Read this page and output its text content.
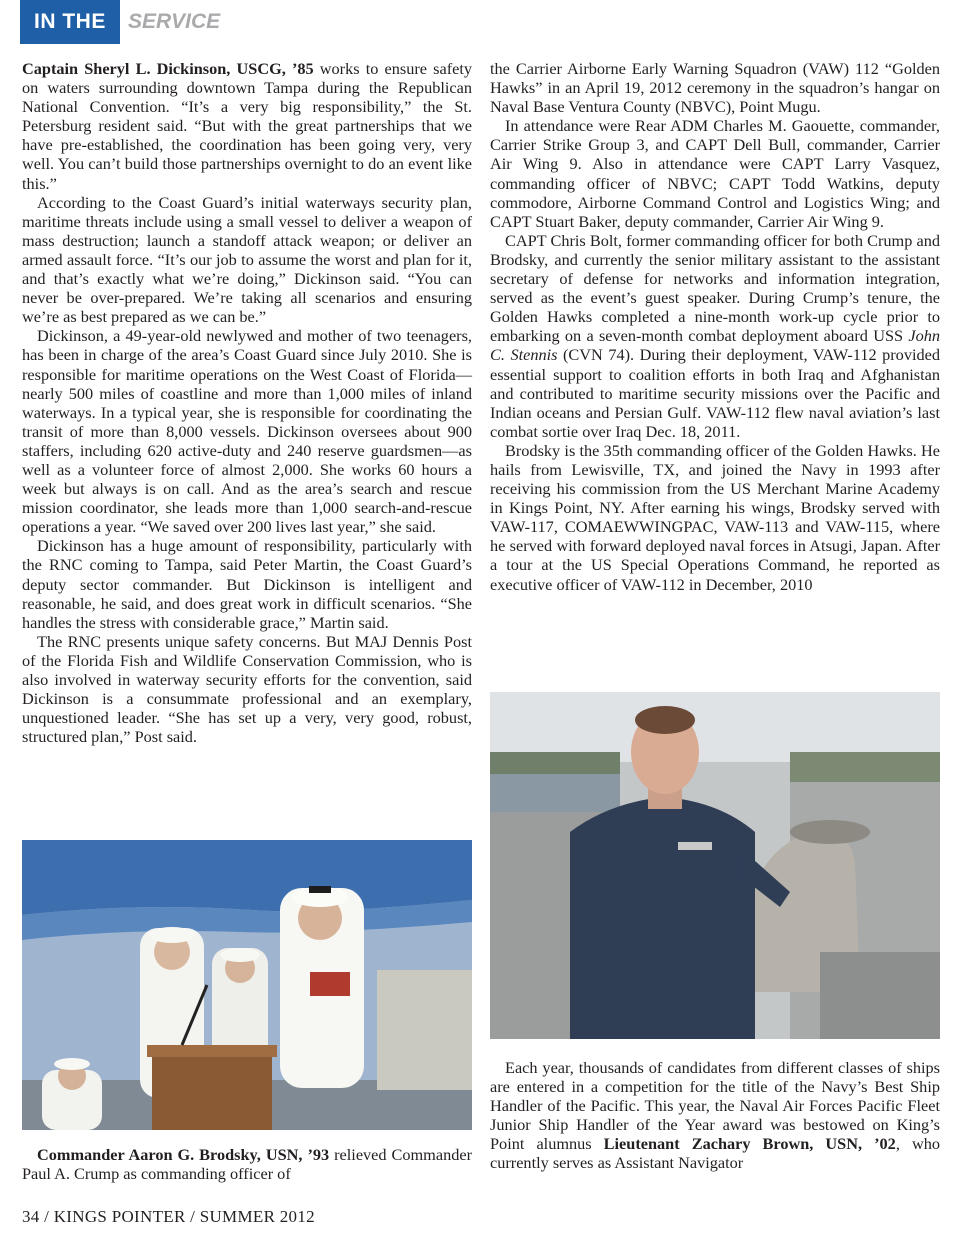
IN THE	SERVICE

Captain Sheryl L. Dickinson, USCG, ’85 works to ensure safety on waters surrounding downtown Tampa during the Republican National Convention. “It’s a very big responsibility,” the St. Petersburg resident said. “But with the great partnerships that we have pre-established, the coordination has been going very, very well. You can’t build those partnerships overnight to do an event like this.”

According to the Coast Guard’s initial waterways security plan, maritime threats include using a small vessel to deliver a weapon of mass destruction; launch a standoff attack weapon; or deliver an armed assault force. “It’s our job to assume the worst and plan for it, and that’s exactly what we’re doing,” Dickinson said. “You can never be over-prepared. We’re taking all scenarios and ensuring we’re as best prepared as we can be.”

Dickinson, a 49-year-old newlywed and mother of two teenagers, has been in charge of the area’s Coast Guard since July 2010. She is responsible for maritime operations on the West Coast of Florida—nearly 500 miles of coastline and more than 1,000 miles of inland waterways. In a typical year, she is responsible for coordinating the transit of more than 8,000 vessels. Dickinson oversees about 900 staffers, including 620 active-duty and 240 reserve guardsmen—as well as a volunteer force of almost 2,000. She works 60 hours a week but always is on call. And as the area’s search and rescue mission coordinator, she leads more than 1,000 search-and-rescue operations a year. “We saved over 200 lives last year,” she said.

Dickinson has a huge amount of responsibility, particularly with the RNC coming to Tampa, said Peter Martin, the Coast Guard’s deputy sector commander. But Dickinson is intelligent and reasonable, he said, and does great work in difficult scenarios. “She handles the stress with considerable grace,” Martin said.

The RNC presents unique safety concerns. But MAJ Dennis Post of the Florida Fish and Wildlife Conservation Commission, who is also involved in waterway security efforts for the convention, said Dickinson is a consummate professional and an exemplary, unquestioned leader. “She has set up a very, very good, robust, structured plan,” Post said.

Commander Aaron G. Brodsky, USN, ’93 relieved Commander Paul A. Crump as commanding officer of

the Carrier Airborne Early Warning Squadron (VAW) 112 “Golden Hawks” in an April 19, 2012 ceremony in the squadron’s hangar on Naval Base Ventura County (NBVC), Point Mugu.

In attendance were Rear ADM Charles M. Gaouette, commander, Carrier Strike Group 3, and CAPT Dell Bull, commander, Carrier Air Wing 9. Also in attendance were CAPT Larry Vasquez, commanding officer of NBVC; CAPT Todd Watkins, deputy commodore, Airborne Command Control and Logistics Wing; and CAPT Stuart Baker, deputy commander, Carrier Air Wing 9.

CAPT Chris Bolt, former commanding officer for both Crump and Brodsky, and currently the senior military assistant to the assistant secretary of defense for networks and information integration, served as the event’s guest speaker. During Crump’s tenure, the Golden Hawks completed a nine-month work-up cycle prior to embarking on a seven-month combat deployment aboard USS John C. Stennis (CVN 74). During their deployment, VAW-112 provided essential support to coalition efforts in both Iraq and Afghanistan and contributed to maritime security missions over the Pacific and Indian oceans and Persian Gulf. VAW-112 flew naval aviation’s last combat sortie over Iraq Dec. 18, 2011.

Brodsky is the 35th commanding officer of the Golden Hawks. He hails from Lewisville, TX, and joined the Navy in 1993 after receiving his commission from the US Merchant Marine Academy in Kings Point, NY. After earning his wings, Brodsky served with VAW-117, COMAEWWINGPAC, VAW-113 and VAW-115, where he served with forward deployed naval forces in Atsugi, Japan. After a tour at the US Special Operations Command, he reported as executive officer of VAW-112 in December, 2010

Each year, thousands of candidates from different classes of ships are entered in a competition for the title of the Navy’s Best Ship Handler of the Pacific. This year, the Naval Air Forces Pacific Fleet Junior Ship Handler of the Year award was bestowed on King’s Point alumnus Lieutenant Zachary Brown, USN, ’02, who currently serves as Assistant Navigator
34 / KINGS POINTER / SUMMER 2012
